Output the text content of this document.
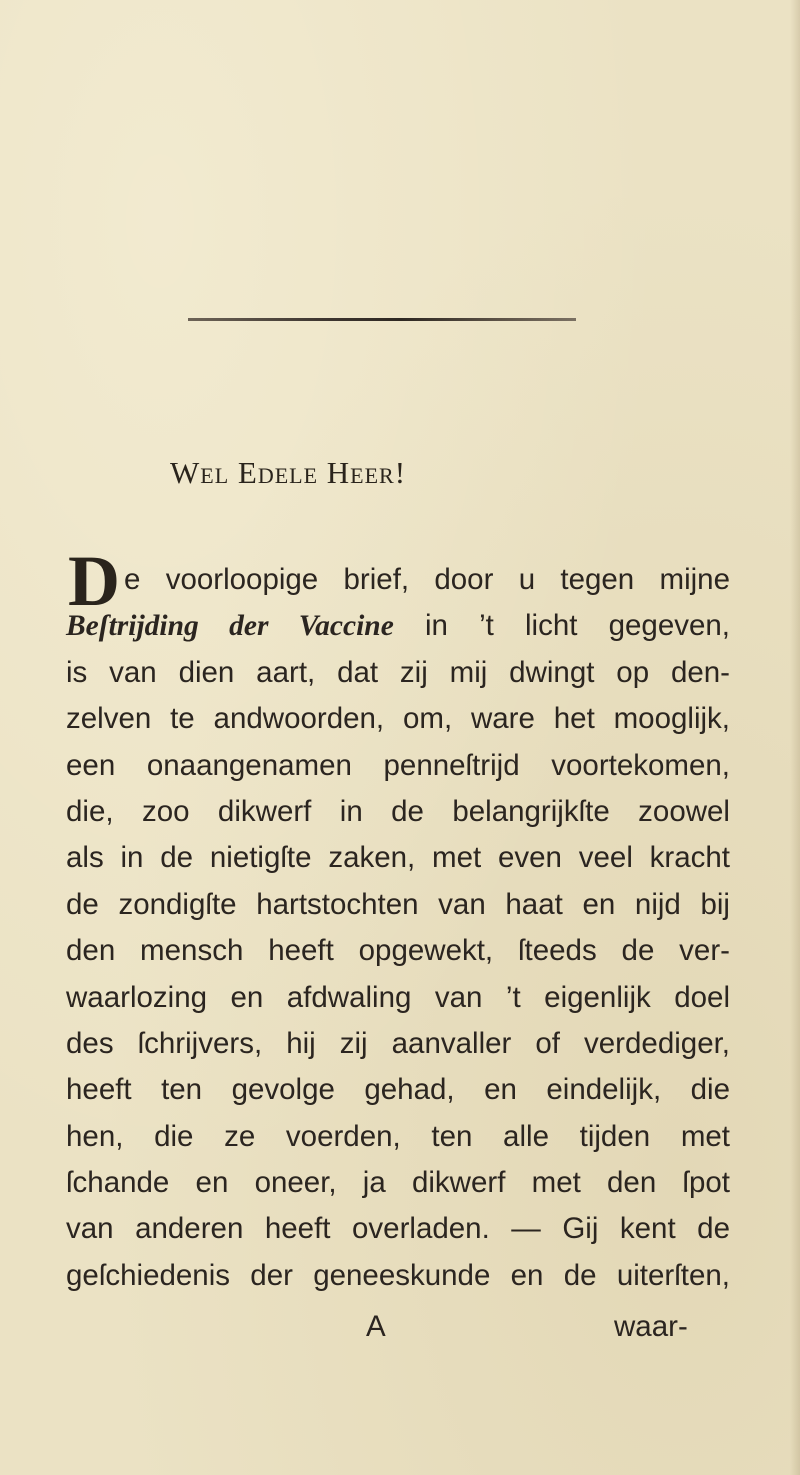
Wel Edele Heer!
D e voorloopige brief, door u tegen mijne
Beſtrijding der Vaccine in ’t licht gegeven,
is van dien aart, dat zij mij dwingt op den-
zelven te andwoorden, om, ware het mooglijk,
een onaangenamen penneſtrijd voortekomen,
die, zoo dikwerf in de belangrijkſte zoowel
als in de nietigſte zaken, met even veel kracht
de zondigſte hartstochten van haat en nijd bij
den mensch heeft opgewekt, ſteeds de ver-
waarlozing en afdwaling van ’t eigenlijk doel
des ſchrijvers, hij zij aanvaller of verdediger,
heeft ten gevolge gehad, en eindelijk, die
hen, die ze voerden, ten alle tijden met
ſchande en oneer, ja dikwerf met den ſpot
van anderen heeft overladen. — Gij kent de
geſchiedenis der geneeskunde en de uiterſten,
A	waar-
